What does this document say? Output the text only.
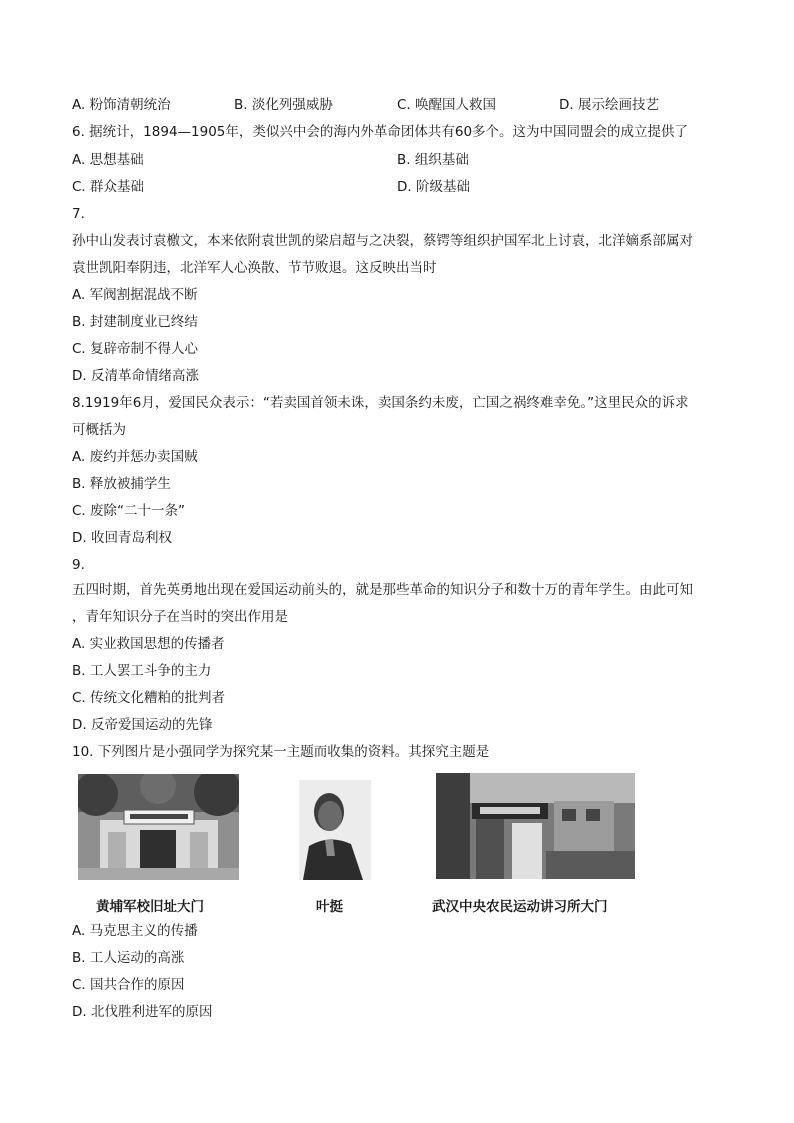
A. 粉饰清朝统治	B. 淡化列强威胁	C. 唤醒国人救国	D. 展示绘画技艺
6. 据统计，1894—1905年，类似兴中会的海内外革命团体共有60多个。这为中国同盟会的成立提供了
A. 思想基础	B. 组织基础
C. 群众基础	D. 阶级基础
7.
孙中山发表讨袁檄文，本来依附袁世凯的梁启超与之决裂，蔡锷等组织护国军北上讨袁，北洋嫡系部属对
袁世凯阳奉阴违，北洋军人心涣散、节节败退。这反映出当时
A. 军阀割据混战不断
B. 封建制度业已终结
C. 复辟帝制不得人心
D. 反清革命情绪高涨
8.1919年6月，爱国民众表示：“若卖国首领未诛，卖国条约未废，亡国之祸终难幸免。”这里民众的诉求
可概括为
A. 废约并惩办卖国贼
B. 释放被捕学生
C. 废除“二十一条”
D. 收回青岛利权
9.
五四时期，首先英勇地出现在爱国运动前头的，就是那些革命的知识分子和数十万的青年学生。由此可知
，青年知识分子在当时的突出作用是
A. 实业救国思想的传播者
B. 工人罢工斗争的主力
C. 传统文化糟粕的批判者
D. 反帝爱国运动的先锋
10. 下列图片是小强同学为探究某一主题而收集的资料。其探究主题是
黄埔军校旧址大门	叶挺	武汉中央农民运动讲习所大门
A. 马克思主义的传播
B. 工人运动的高涨
C. 国共合作的原因
D. 北伐胜利进军的原因
